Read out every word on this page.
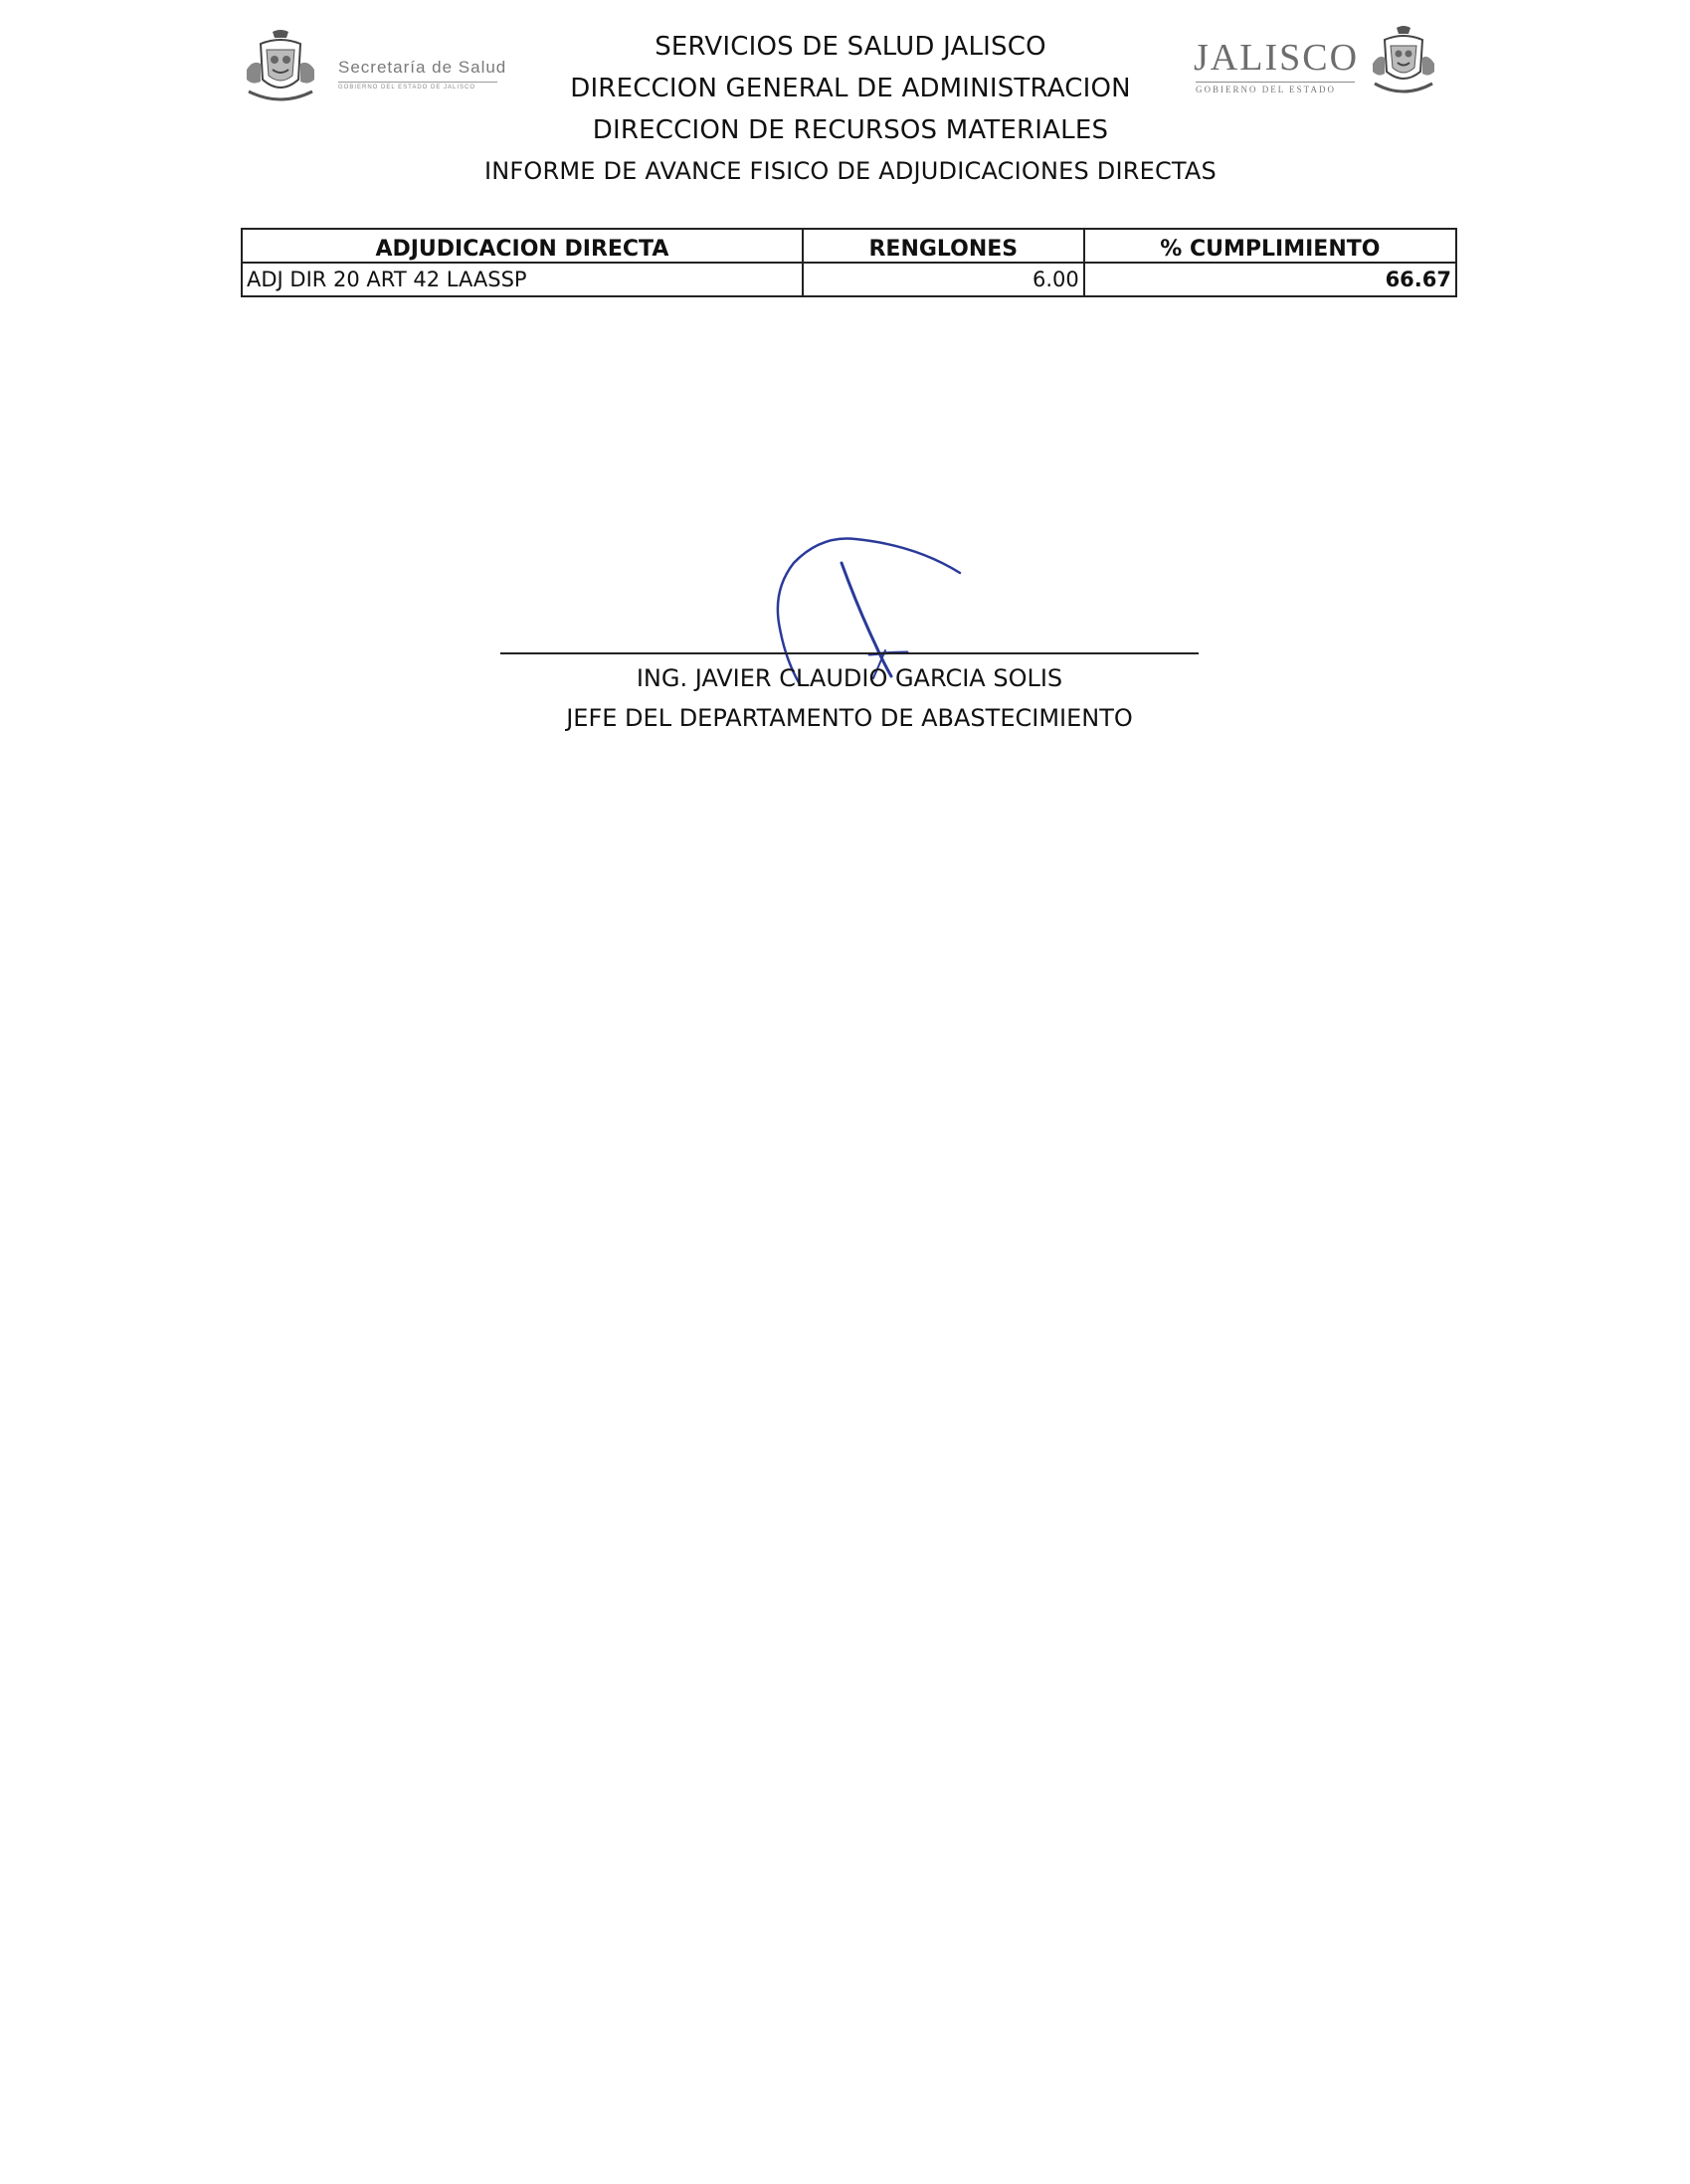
Secretaría de Salud
GOBIERNO DEL ESTADO DE JALISCO
SERVICIOS DE SALUD JALISCO
DIRECCION GENERAL DE ADMINISTRACION
DIRECCION DE RECURSOS MATERIALES
INFORME DE AVANCE FISICO DE ADJUDICACIONES DIRECTAS
JALISCO
GOBIERNO DEL ESTADO
ADJUDICACION DIRECTA	RENGLONES	% CUMPLIMIENTO
ADJ DIR 20 ART 42 LAASSP	6.00	66.67
ING. JAVIER CLAUDIO GARCIA SOLIS
JEFE DEL DEPARTAMENTO DE ABASTECIMIENTO
